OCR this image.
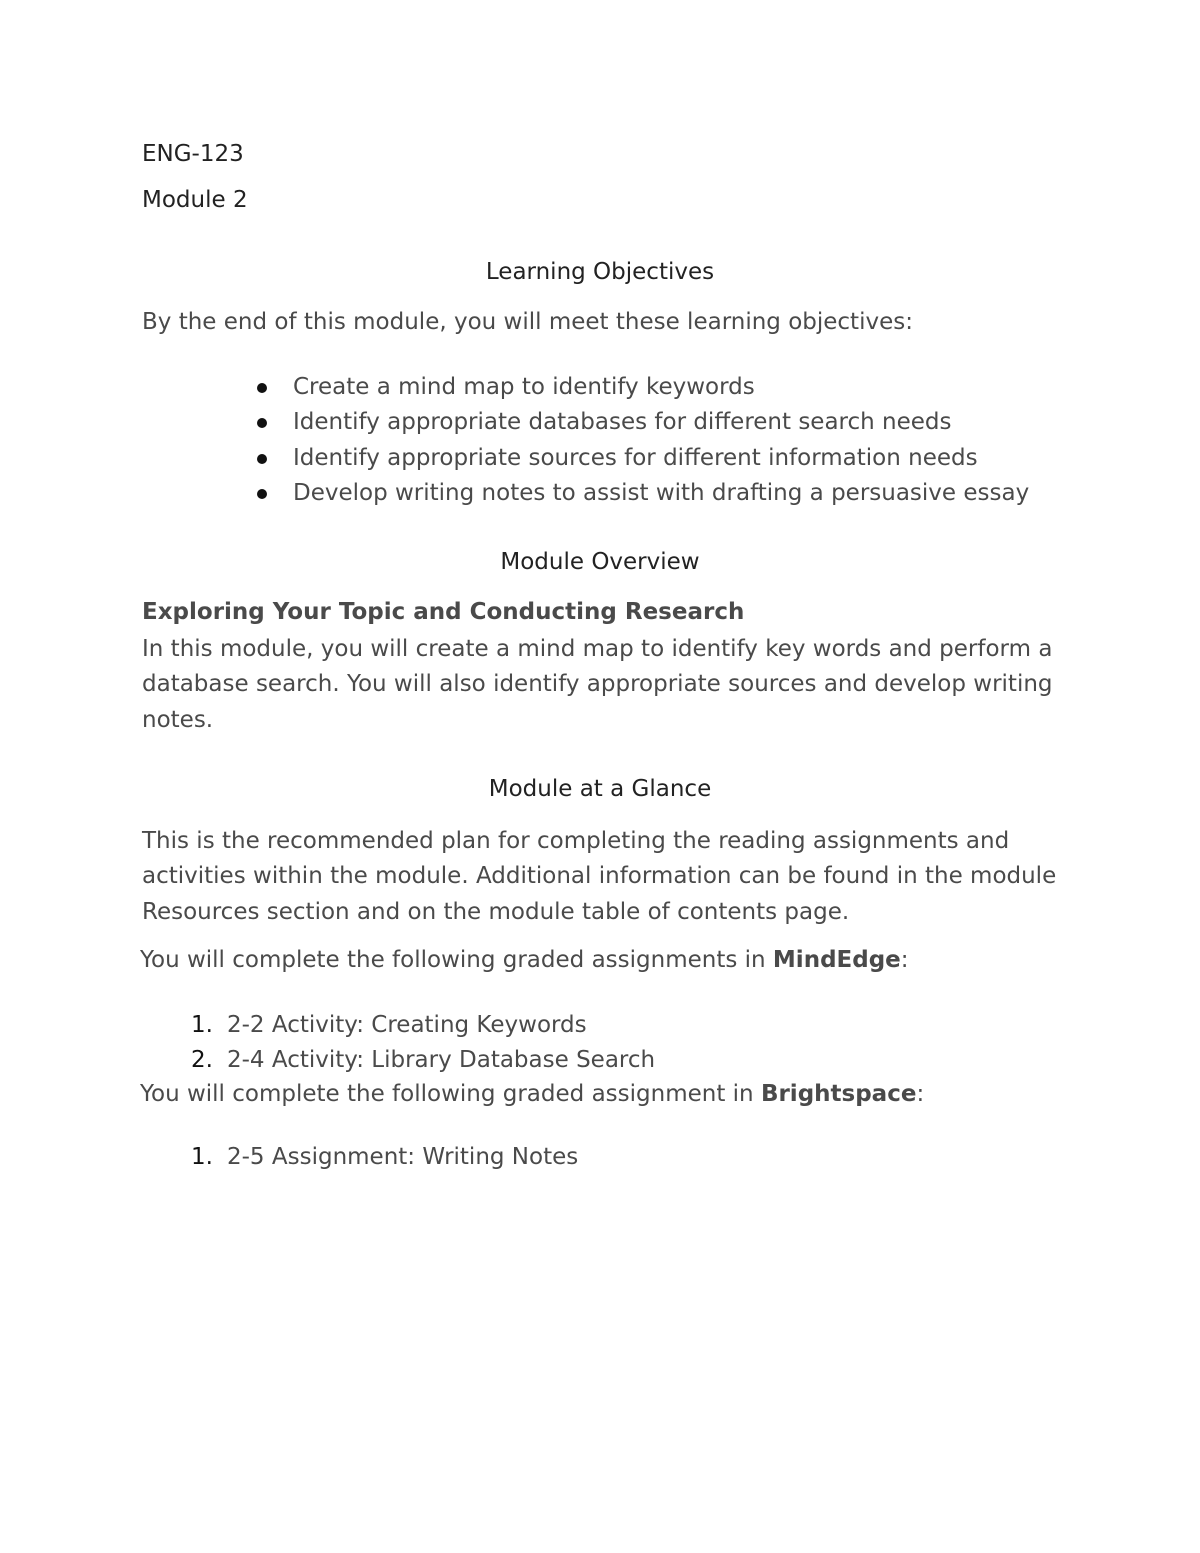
ENG-123
Module 2
Learning Objectives
By the end of this module, you will meet these learning objectives:
Create a mind map to identify keywords
Identify appropriate databases for different search needs
Identify appropriate sources for different information needs
Develop writing notes to assist with drafting a persuasive essay
Module Overview
Exploring Your Topic and Conducting Research
In this module, you will create a mind map to identify key words and perform a database search. You will also identify appropriate sources and develop writing notes.
Module at a Glance
This is the recommended plan for completing the reading assignments and activities within the module. Additional information can be found in the module Resources section and on the module table of contents page.
You will complete the following graded assignments in MindEdge:
1. 2-2 Activity: Creating Keywords
2. 2-4 Activity: Library Database Search
You will complete the following graded assignment in Brightspace:
1. 2-5 Assignment: Writing Notes
